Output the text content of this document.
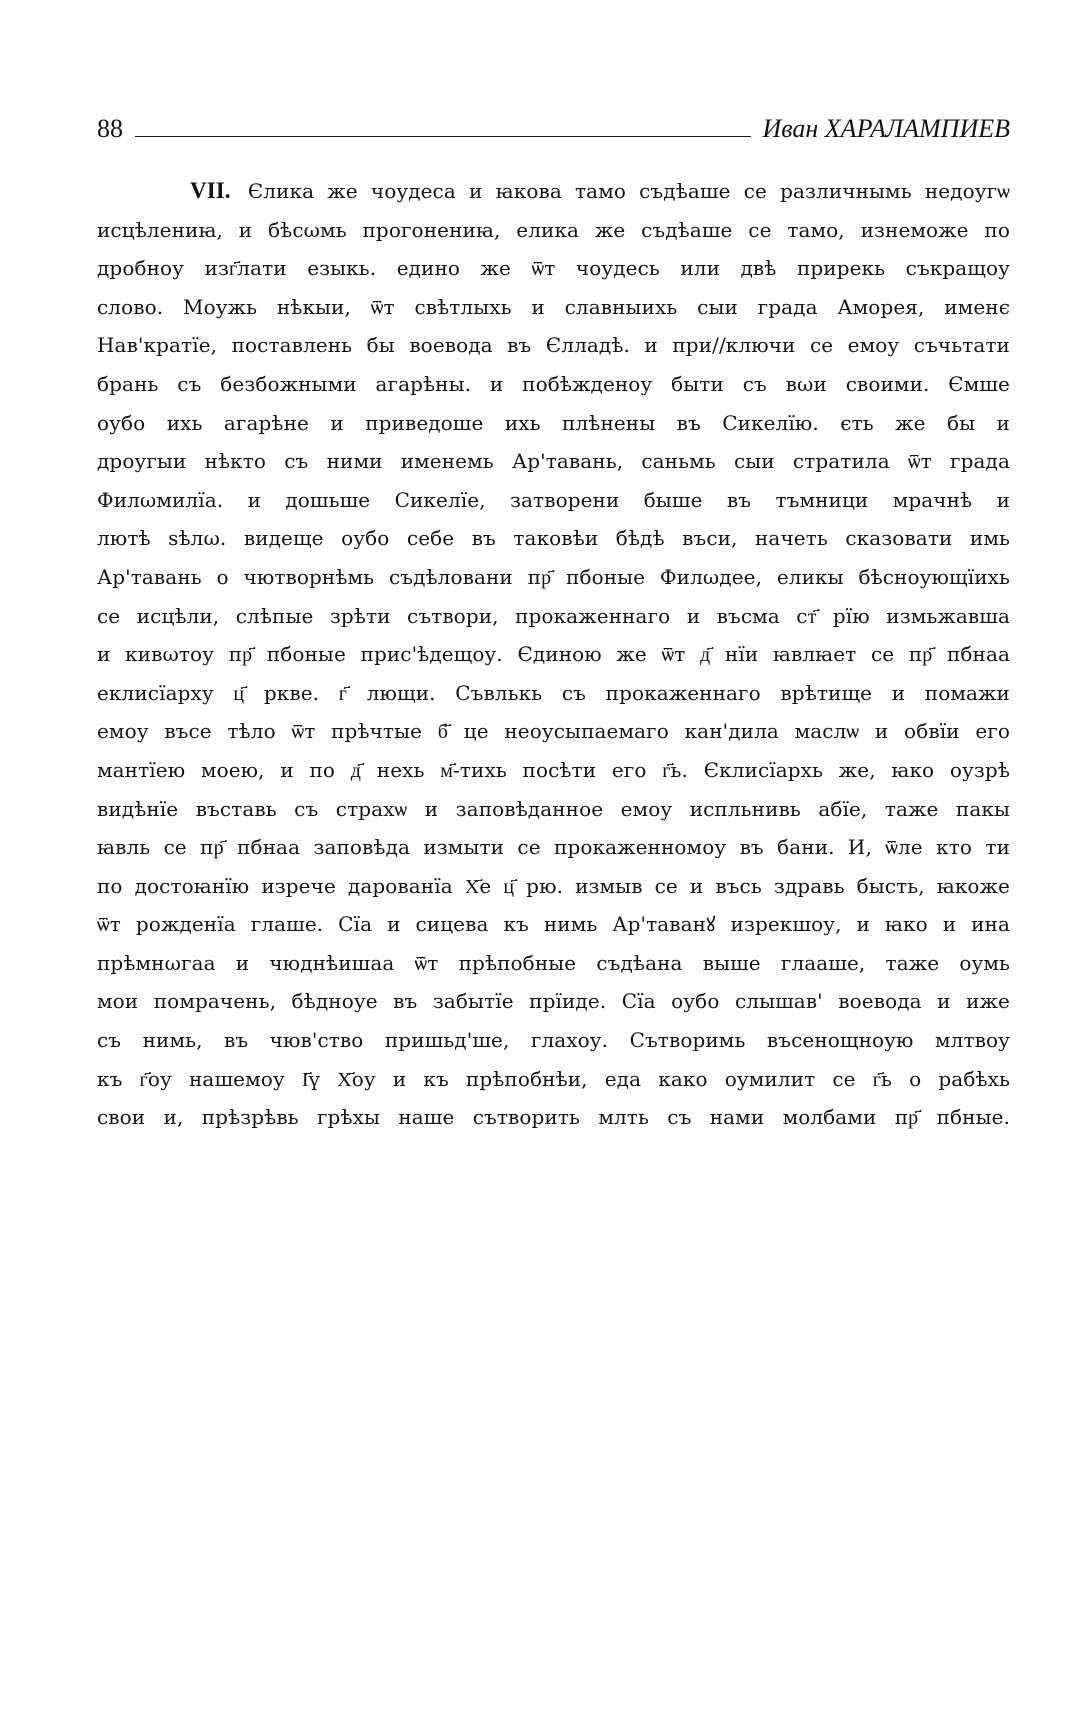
88	Иван ХАРАЛАМПИЕВ
VII. Єлика же чоудеса и ꙗкова тамо съдѣаше се различнымь недоугѡ
исцѣлениꙗ, и бѣсωмь прогонениꙗ, елика же съдѣаше се тамо, изнеможе по
дробноу изг҃лати езыкь. едино же ѿт чоудесь или двѣ прирекь съкращоу
слово. Моужь нѣкыи, ѿт свѣтлыхь и славныихь сыи града Аморея, именє
Нав'кратїе, поставлень бы воевода въ Єлладѣ. и при//ключи се емоу съчьтати
брань съ безбожными агарѣны. и побѣжденоу быти съ вωи своими. Ємше
оубо ихь агарѣне и приведоше ихь плѣнены въ Сикелїю. єть же бы и
дроугыи нѣкто съ ними именемь Ар'тавань, саньмь сыи стратила ѿт града
Филωмилїа. и дошьше Сикелїе, затворени быше въ тъмници мрачнѣ и
лютѣ ѕѣлω. видеще оубо себе въ таковѣи бѣдѣ въси, начеть сказовати имь
Ар'тавань о чютворнѣмь съдѣловани пр҃ пбоныe Филωдее, еликы бѣсноующїихь
се исцѣли, слѣпые зрѣти сътвори, прокаженнаго и въсма ст҃ рїю измьжавша
и кивωтоу пр҃ пбоныe прис'ѣдещоу. Єдиною же ѿт д҃ нїи ꙗвлꙗет се пр҃ пбнаа
еклисїарху ц҃ ркве. г҃ лющи. Съвлькь съ прокаженнаго врѣтище и помажи
емоу въсе тѣло ѿт прѣчтые б҃ це неоусыпаемаго кан'дила маслѡ и обвїи его
мантїею моею, и по д҃ нехь м҃-тихь посѣти его г҃ь. Єклисїархь же, ꙗко оузрѣ
видѣнїе въставь съ страхѡ и заповѣданное емоу испльнивь абїе, таже пакы
ꙗвль се пр҃ пбнаа заповѣда измыти се прокаженномоу въ бани. И, ѿле кто ти
по достоꙗнїю изрече дарованїа Х҃е ц҃ рю. измыв се и въсь здравь бысть, ꙗкоже
ѿт рожденїа глаше. Сїа и сицева къ нимь Ар'таванꙋ изрекшоу, и ꙗко и ина
прѣмнωгаа и чюднѣишаа ѿт прѣпобные съдѣана выше глааше, таже оумь
мои помрачень, бѣдноуe въ забытїе прїиде. Сїа оубо слышав' воевода и иже
съ нимь, въ чюв'ство пришьд'ше, глахоу. Сътворимь въсенощноую млтвоу
къ г҃оу нашемоу І҃ү Х҃оу и къ прѣпобнѣи, еда како оумилит се г҃ь о рабѣхь
свои и, прѣзрѣвь грѣхы наше сътворить млть съ нами молбами пр҃ пбные.
